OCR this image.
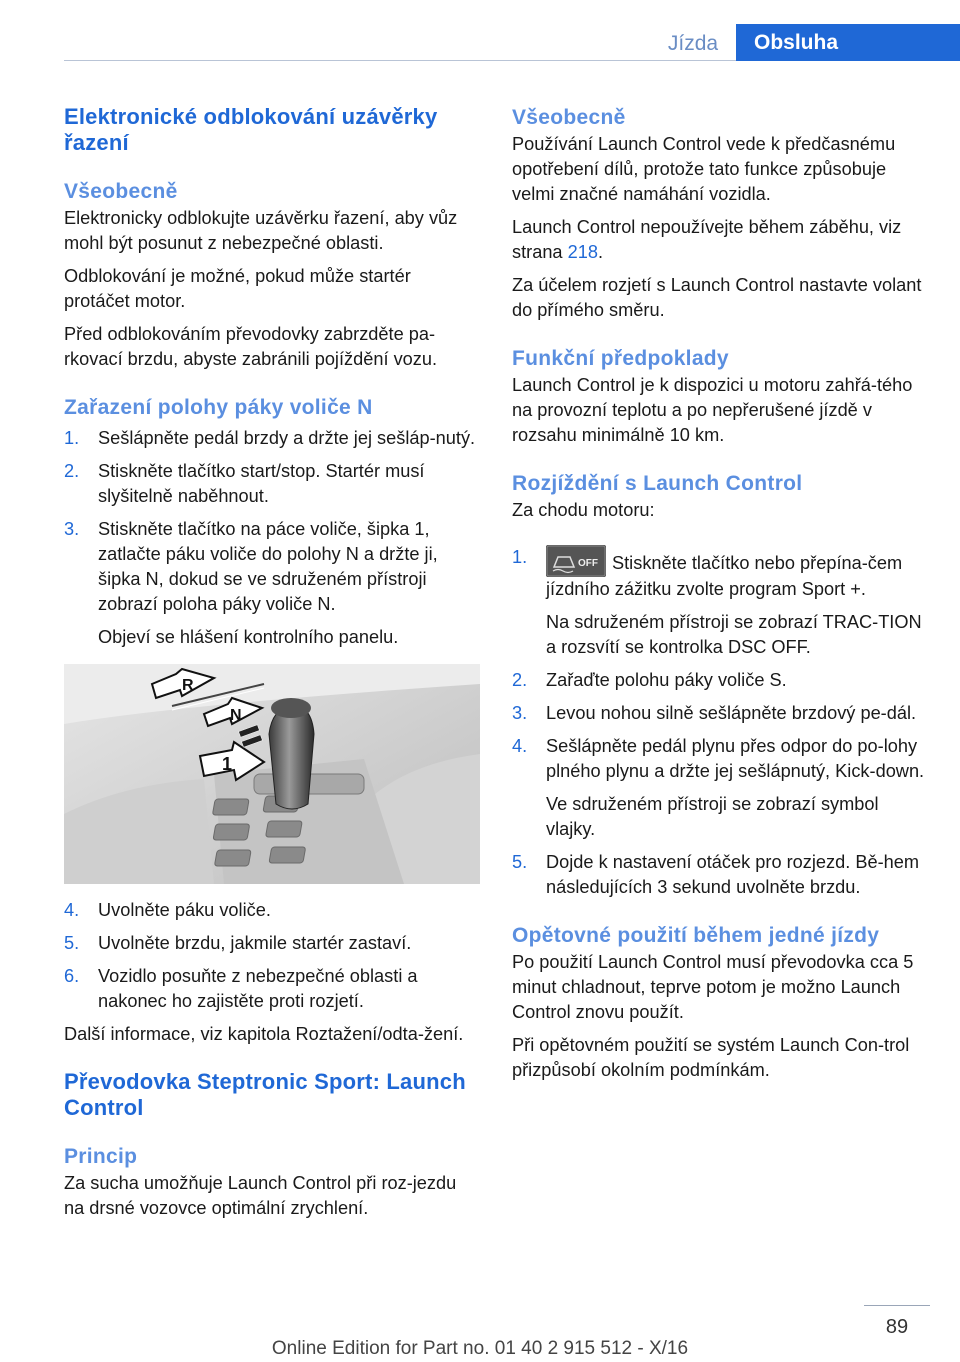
Jízda	Obsluha
Elektronické odblokování uzávěrky řazení
Všeobecně

Elektronicky odblokujte uzávěrku řazení, aby vůz mohl být posunut z nebezpečné oblasti.

Odblokování je možné, pokud může startér protáčet motor.

Před odblokováním převodovky zabrzděte pa-rkovací brzdu, abyste zabránili pojíždění vozu.

Zařazení polohy páky voliče N
1. Sešlápněte pedál brzdy a držte jej sešláp-nutý.
2. Stiskněte tlačítko start/stop. Startér musí slyšitelně naběhnout.
3. Stiskněte tlačítko na páce voliče, šipka 1, zatlačte páku voliče do polohy N a držte ji, šipka N, dokud se ve sdruženém přístroji zobrazí poloha páky voliče N.
Objeví se hlášení kontrolního panelu.
R
N
1
4. Uvolněte páku voliče.
5. Uvolněte brzdu, jakmile startér zastaví.
6. Vozidlo posuňte z nebezpečné oblasti a nakonec ho zajistěte proti rozjetí.

Další informace, viz kapitola Roztažení/odta-žení.

Převodovka Steptronic Sport: Launch Control
Princip

Za sucha umožňuje Launch Control při roz-jezdu na drsné vozovce optimální zrychlení.

Všeobecně

Používání Launch Control vede k předčasnému opotřebení dílů, protože tato funkce způsobuje velmi značné namáhání vozidla.

Launch Control nepoužívejte během záběhu, viz strana 218.

Za účelem rozjetí s Launch Control nastavte volant do přímého směru.

Funkční předpoklady

Launch Control je k dispozici u motoru zahřá-tého na provozní teplotu a po nepřerušené jízdě v rozsahu minimálně 10 km.

Rozjíždění s Launch Control

Za chodu motoru:

1.	OFF Stiskněte tlačítko nebo přepína-čem jízdního zážitku zvolte program Sport +.
Na sdruženém přístroji se zobrazí TRAC-TION a rozsvítí se kontrolka DSC OFF.
2. Zařaďte polohu páky voliče S.
3. Levou nohou silně sešlápněte brzdový pe-dál.
4. Sešlápněte pedál plynu přes odpor do po-lohy plného plynu a držte jej sešlápnutý, Kick-down.
Ve sdruženém přístroji se zobrazí symbol vlajky.
5. Dojde k nastavení otáček pro rozjezd. Bě-hem následujících 3 sekund uvolněte brzdu.
Opětovné použití během jedné jízdy

Po použití Launch Control musí převodovka cca 5 minut chladnout, teprve potom je možno Launch Control znovu použít.

Při opětovném použití se systém Launch Con-trol přizpůsobí okolním podmínkám.

89
Online Edition for Part no. 01 40 2 915 512 - X/16
